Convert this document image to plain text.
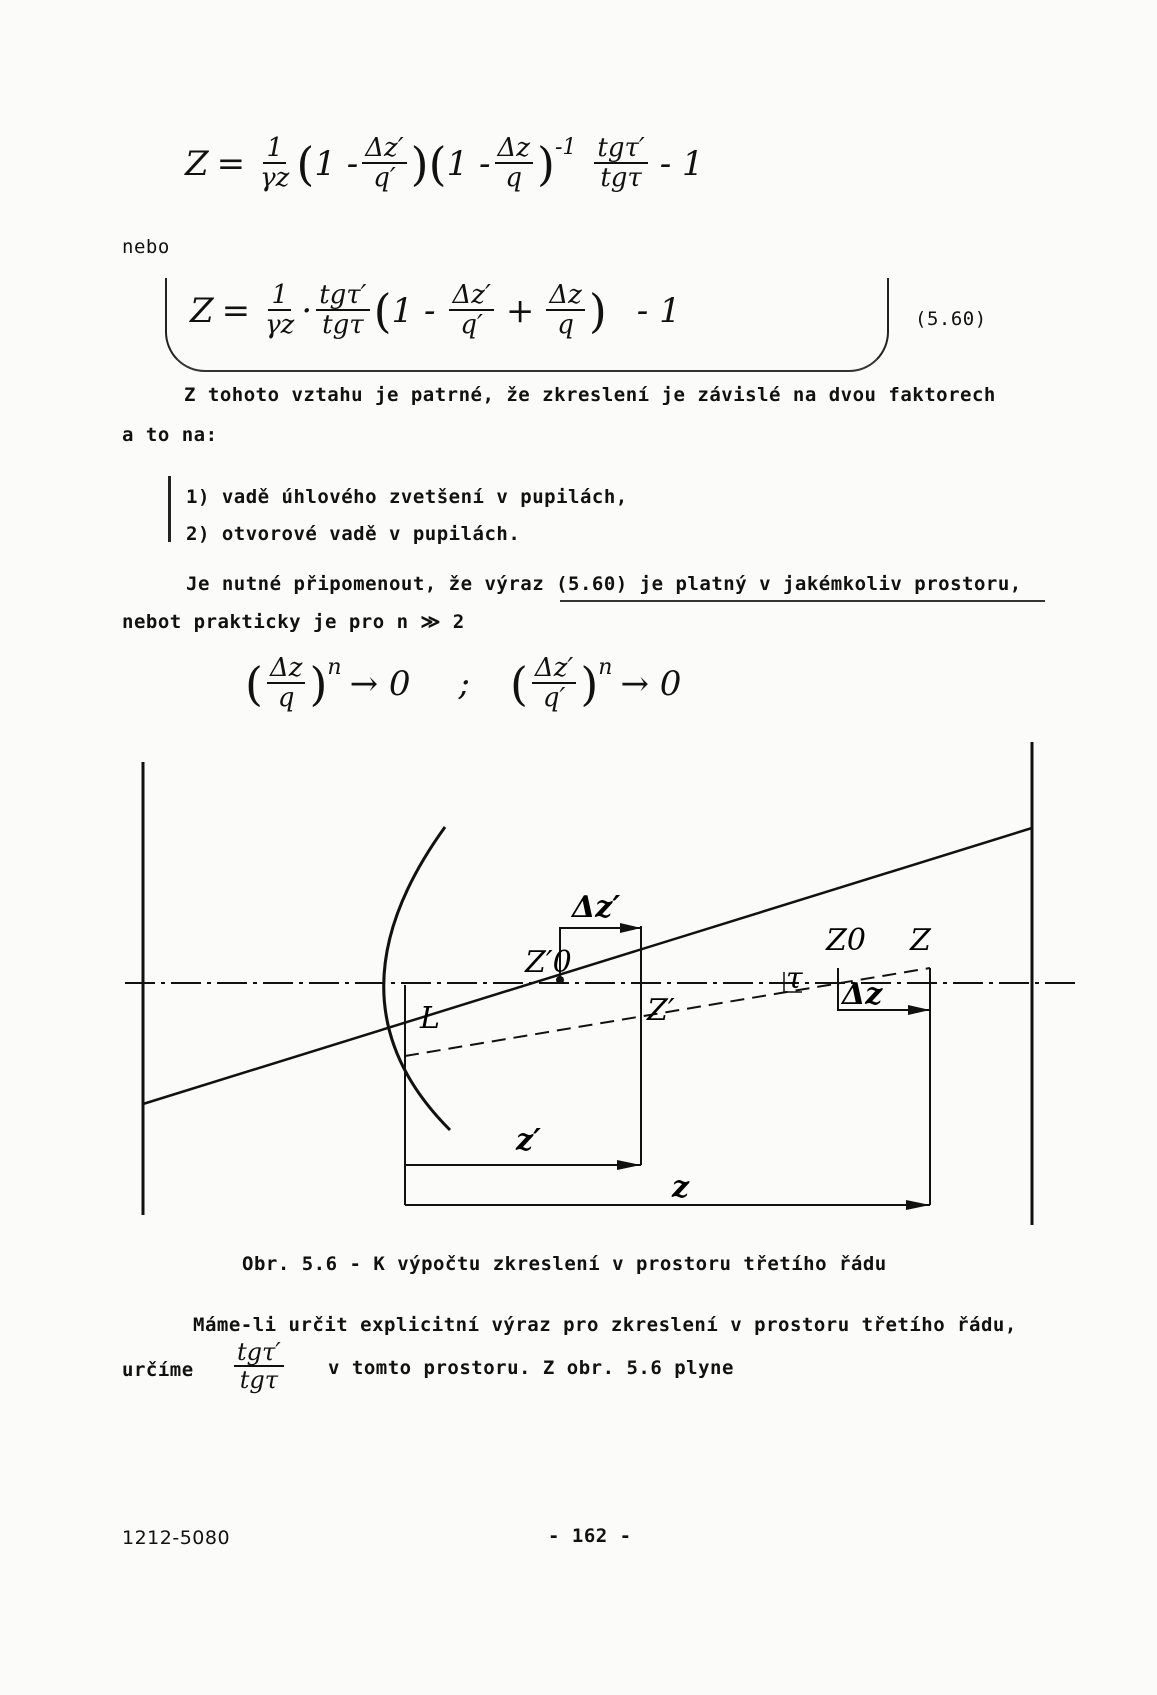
$Z = \frac{1}{\gamma z}$ ( $1 - \frac{\Delta z'}{q'}$ )( $1 - \frac{\Delta z}{q} )^{-1} \frac{\text{tgτ′}}{\text{tgτ}} - 1$
nebo
$Z = \frac{1}{\gamma z} \cdot \frac{\text{tgτ′}}{\text{tgτ}}$ ( $1 - \frac{\Delta z'}{q'} + \frac{\Delta z}{q}$ ) - 1	(5.60)
Z tohoto vztahu je patrné, že zkreslení je závislé na dvou faktorech
a to na:
1) vadě úhlového zvetšení v pupilách,
2) otvorové vadě v pupilách.
Je nutné připomenout, že výraz (5.60) je platný v jakémkoliv prostoru,
nebot prakticky je pro n ≫ 2
( $\frac{\Delta z}{q} )^n \to 0$ ; ( $\frac{\Delta z'}{q'} )^n \to 0$
Δz′
Z′0
L	Z′
τ
Z0 Z
Δz
z′
z
Obr. 5.6 - K výpočtu zkreslení v prostoru třetího řádu
Máme-li určit explicitní výraz pro zkreslení v prostoru třetího řádu,
určíme $\frac{\text{tgτ′}}{\text{tgτ}}$ v tomto prostoru. Z obr. 5.6 plyne
1212-5080	- 162 -
